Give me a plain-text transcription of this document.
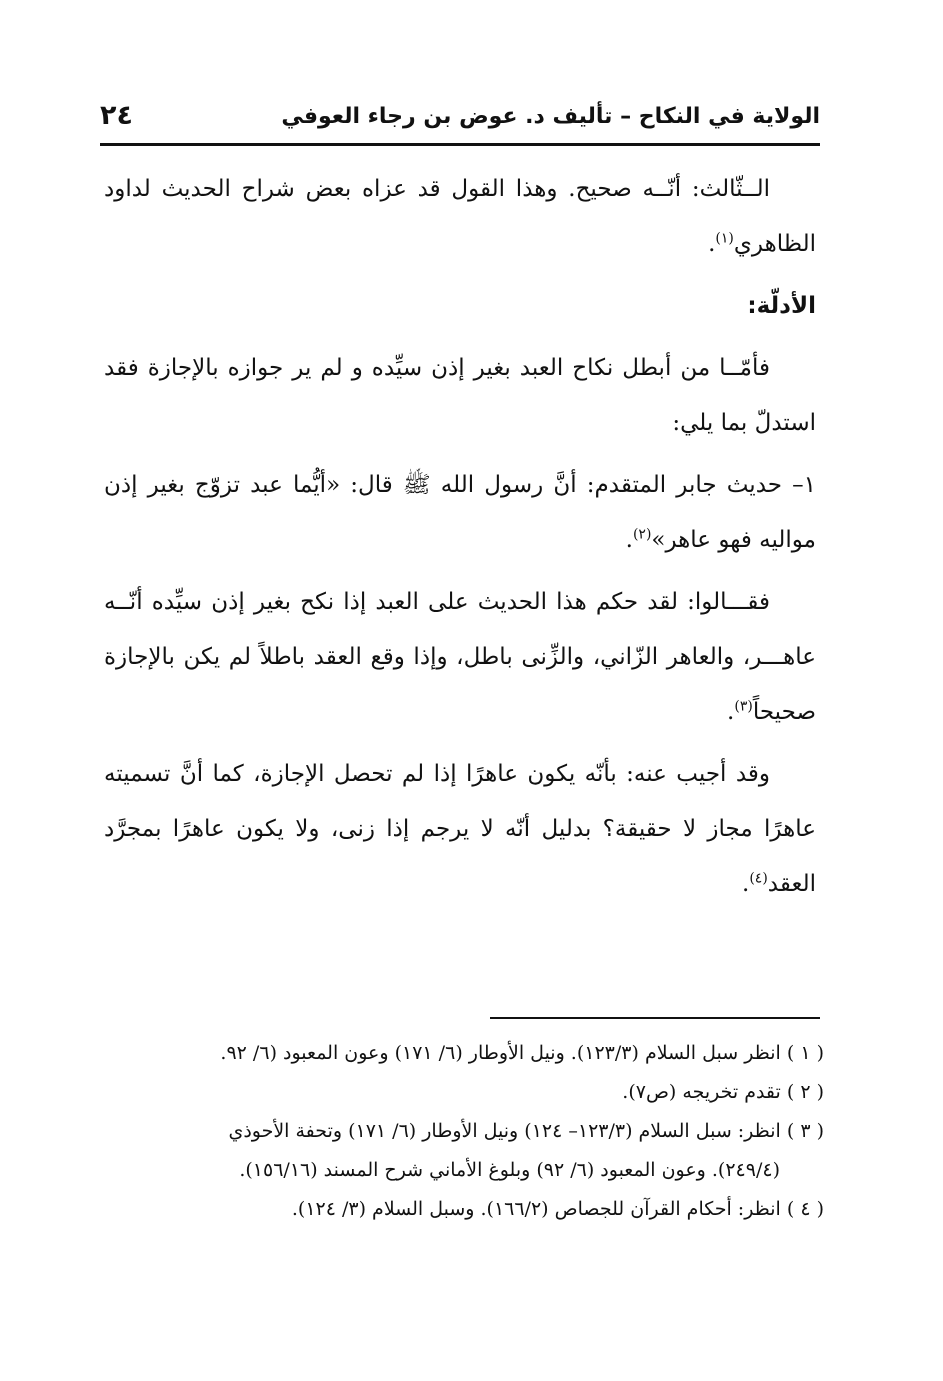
الولاية في النكاح – تأليف د. عوض بن رجاء العوفي
٢٤

الــثّالث: أنّــه صحيح. وهذا القول قد عزاه بعض شراح الحديث لداود الظاهري$^{(١)}$.

الأدلّة:

فأمّــا من أبطل نكاح العبد بغير إذن سيِّده و لم ير جوازه بالإجازة فقد استدلّ بما يلي:

١– حديث جابر المتقدم: أنَّ رسول الله ﷺ قال: «أيُّما عبد تزوّج بغير إذن مواليه فهو عاهر»$^{(٢)}$.

فقـــالوا: لقد حكم هذا الحديث على العبد إذا نكح بغير إذن سيِّده أنّــه عاهـــر، والعاهر الزّاني، والزِّنى باطل، وإذا وقع العقد باطلاً لم يكن بالإجازة صحيحاً$^{(٣)}$.

وقد أجيب عنه: بأنّه يكون عاهرًا إذا لم تحصل الإجازة، كما أنَّ تسميته عاهرًا مجاز لا حقيقة؟ بدليل أنّه لا يرجم إذا زنى، ولا يكون عاهرًا بمجرَّد العقد$^{(٤)}$.

( ١ ) انظر سبل السلام (١٢٣/٣). ونيل الأوطار (٦/ ١٧١) وعون المعبود (٦/ ٩٢.

( ٢ ) تقدم تخريجه (ص٧).

( ٣ ) انظر: سبل السلام (١٢٣/٣– ١٢٤) ونيل الأوطار (٦/ ١٧١) وتحفة الأحوذي

(٢٤٩/٤). وعون المعبود (٦/ ٩٢) وبلوغ الأماني شرح المسند (١٥٦/١٦).

( ٤ ) انظر: أحكام القرآن للجصاص (١٦٦/٢). وسبل السلام (٣/ ١٢٤).
